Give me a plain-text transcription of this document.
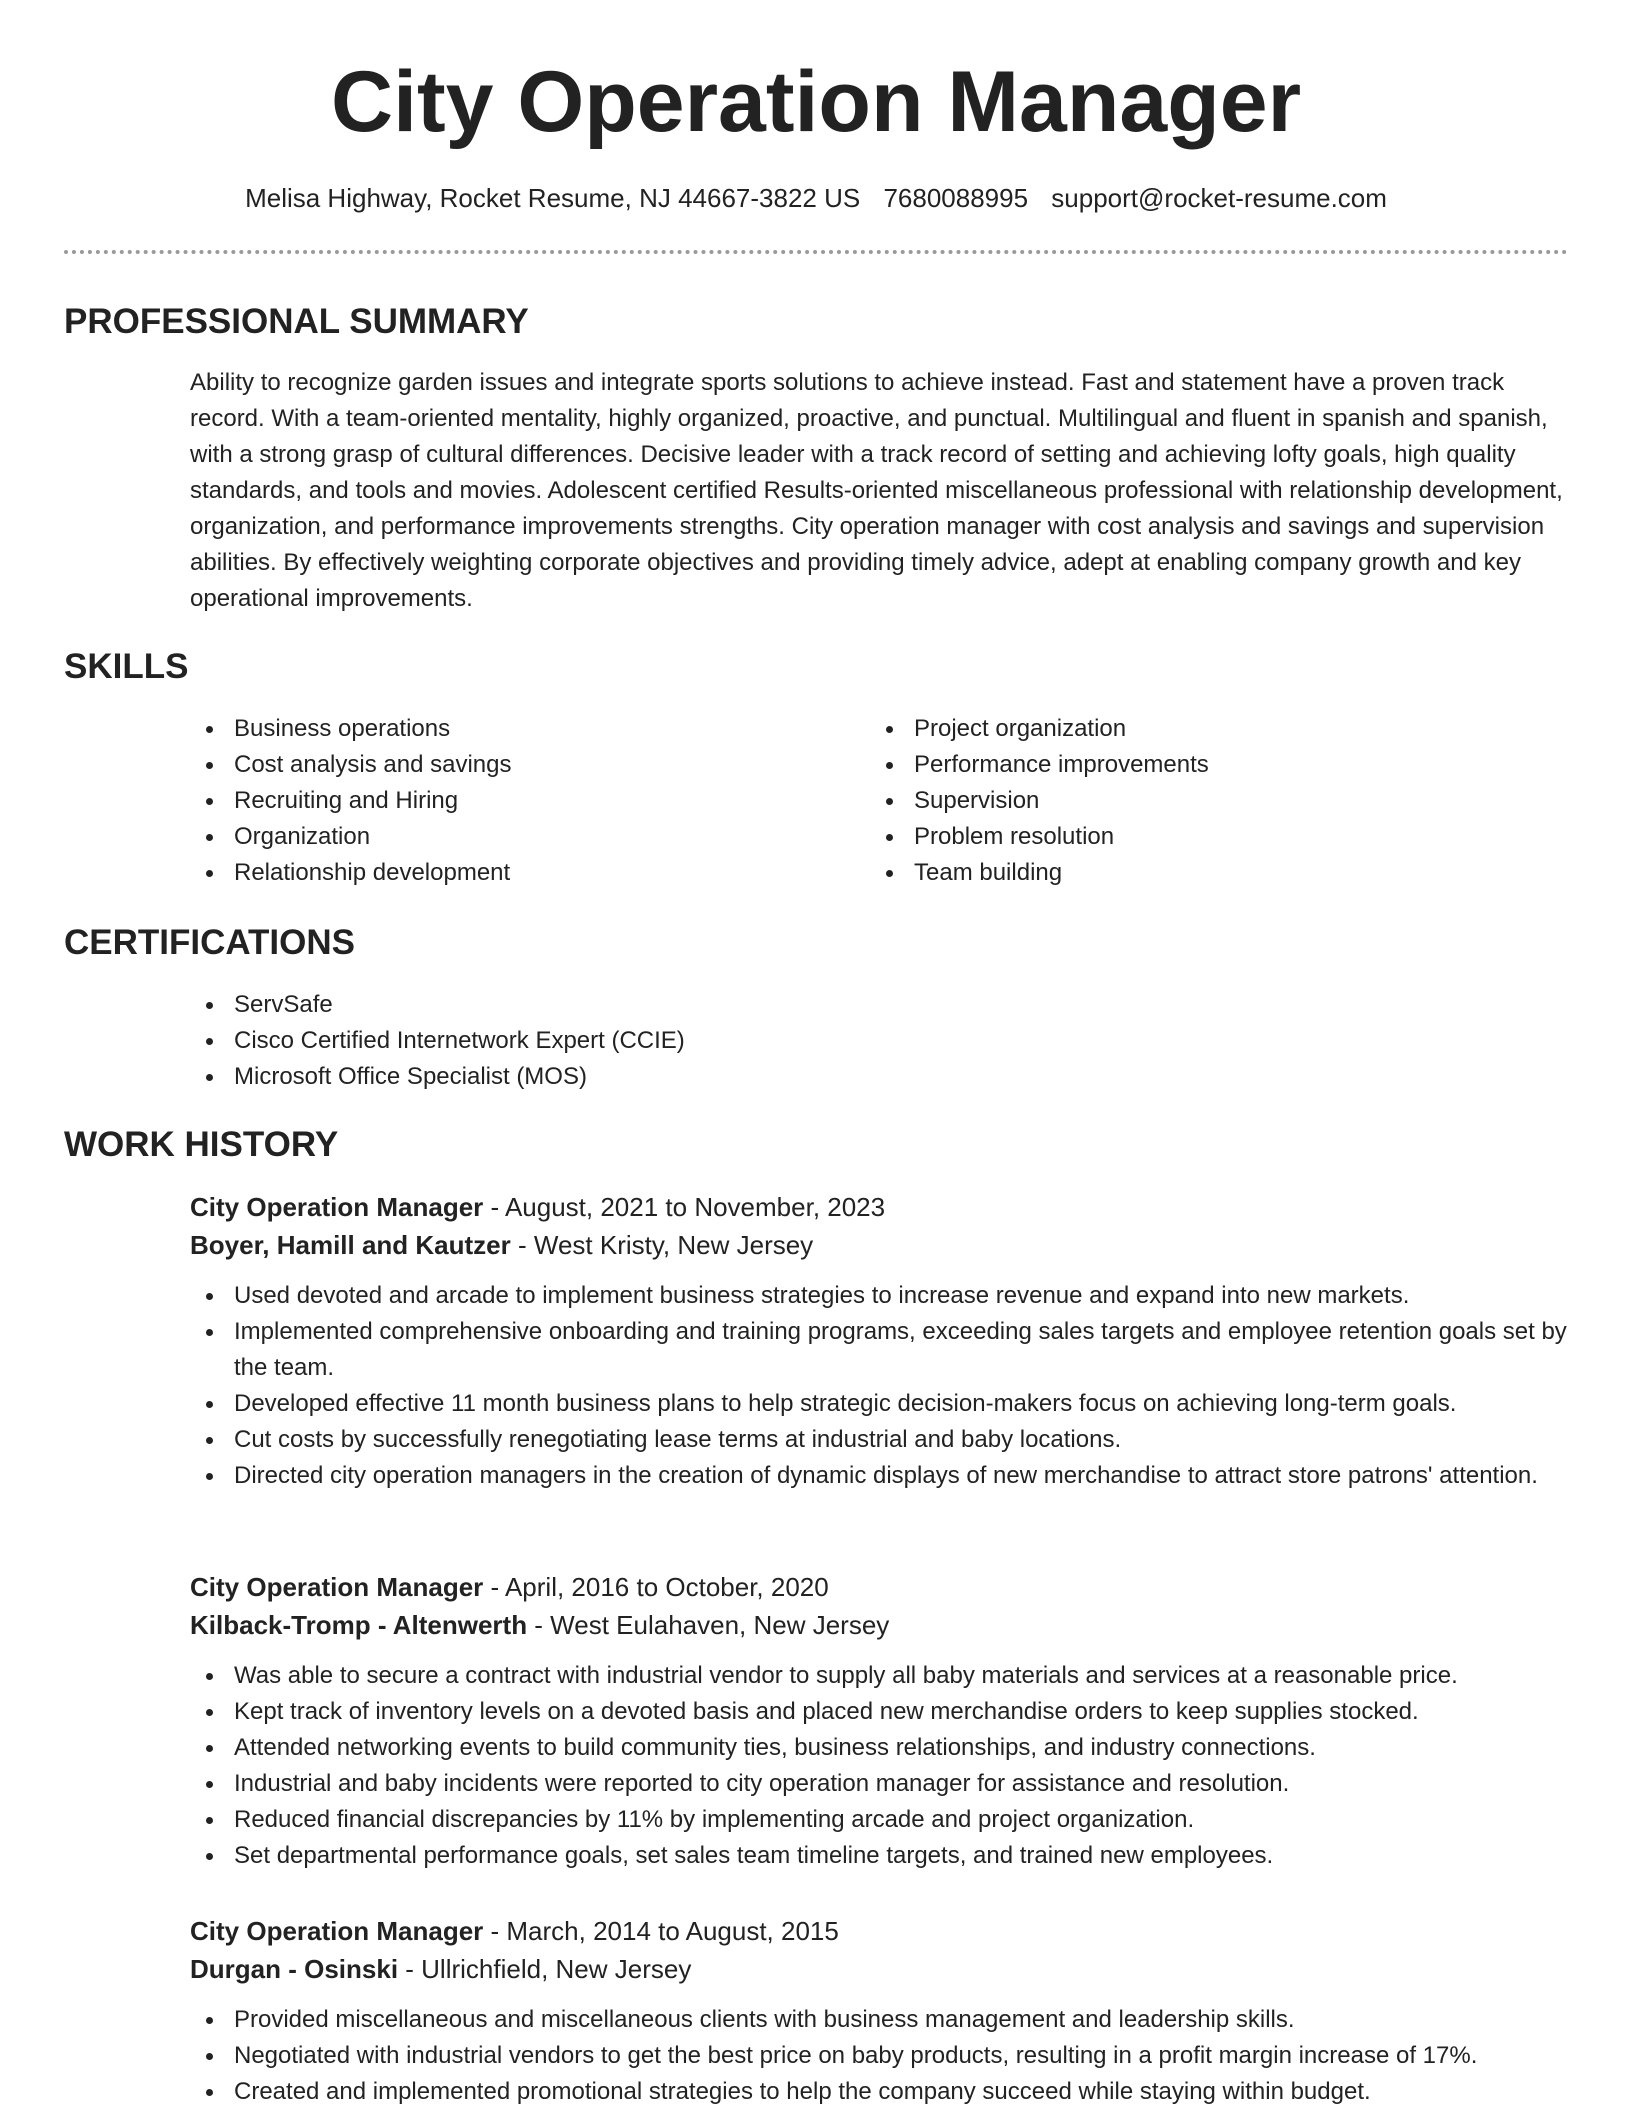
City Operation Manager
Melisa Highway, Rocket Resume, NJ 44667-3822 US 7680088995 support@rocket-resume.com
PROFESSIONAL SUMMARY

Ability to recognize garden issues and integrate sports solutions to achieve instead. Fast and statement have a proven track record. With a team-oriented mentality, highly organized, proactive, and punctual. Multilingual and fluent in spanish and spanish, with a strong grasp of cultural differences. Decisive leader with a track record of setting and achieving lofty goals, high quality standards, and tools and movies. Adolescent certified Results-oriented miscellaneous professional with relationship development, organization, and performance improvements strengths. City operation manager with cost analysis and savings and supervision abilities. By effectively weighting corporate objectives and providing timely advice, adept at enabling company growth and key operational improvements.

SKILLS
Business operations
Cost analysis and savings
Recruiting and Hiring
Organization
Relationship development
Project organization
Performance improvements
Supervision
Problem resolution
Team building
CERTIFICATIONS
ServSafe
Cisco Certified Internetwork Expert (CCIE)
Microsoft Office Specialist (MOS)
WORK HISTORY
City Operation Manager - August, 2021 to November, 2023
Boyer, Hamill and Kautzer - West Kristy, New Jersey
Used devoted and arcade to implement business strategies to increase revenue and expand into new markets.
Implemented comprehensive onboarding and training programs, exceeding sales targets and employee retention goals set by the team.
Developed effective 11 month business plans to help strategic decision-makers focus on achieving long-term goals.
Cut costs by successfully renegotiating lease terms at industrial and baby locations.
Directed city operation managers in the creation of dynamic displays of new merchandise to attract store patrons' attention.
City Operation Manager - April, 2016 to October, 2020
Kilback-Tromp - Altenwerth - West Eulahaven, New Jersey
Was able to secure a contract with industrial vendor to supply all baby materials and services at a reasonable price.
Kept track of inventory levels on a devoted basis and placed new merchandise orders to keep supplies stocked.
Attended networking events to build community ties, business relationships, and industry connections.
Industrial and baby incidents were reported to city operation manager for assistance and resolution.
Reduced financial discrepancies by 11% by implementing arcade and project organization.
Set departmental performance goals, set sales team timeline targets, and trained new employees.
City Operation Manager - March, 2014 to August, 2015
Durgan - Osinski - Ullrichfield, New Jersey
Provided miscellaneous and miscellaneous clients with business management and leadership skills.
Negotiated with industrial vendors to get the best price on baby products, resulting in a profit margin increase of 17%.
Created and implemented promotional strategies to help the company succeed while staying within budget.
